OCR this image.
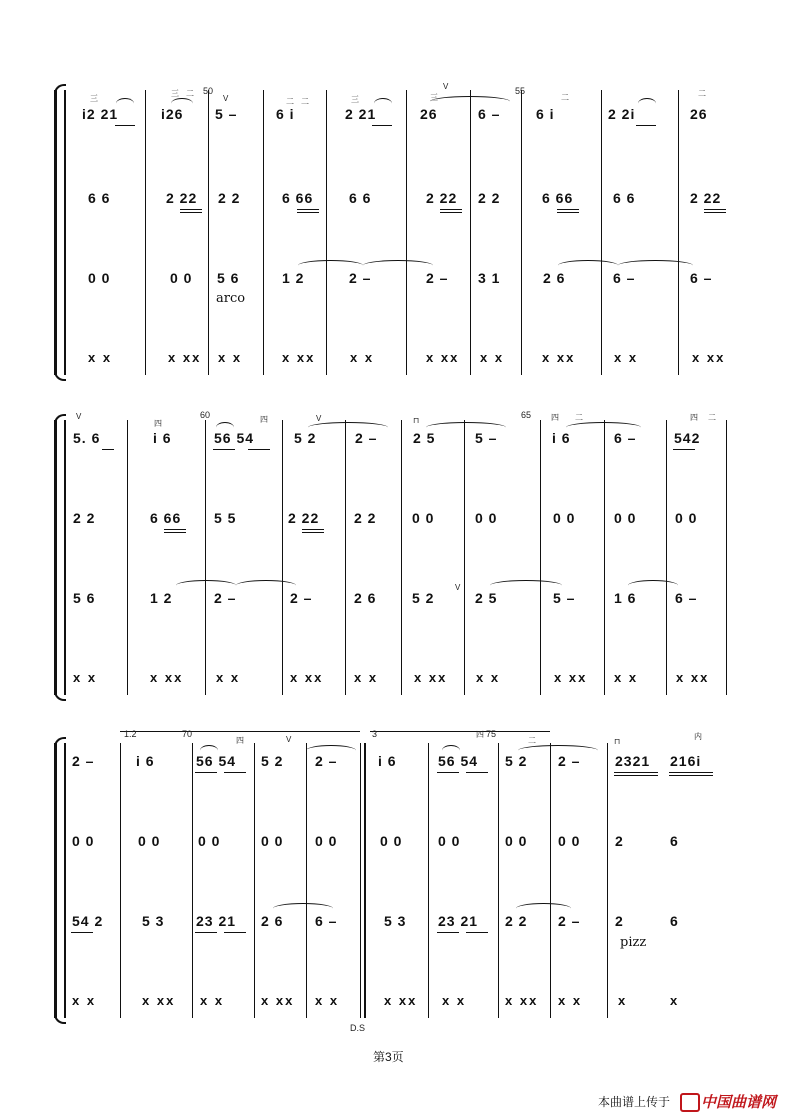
50	55
V
V
三
三 二
二 二	三	三	二	二
i2 21	i26 5 –	6 i	2 21	26	6 –	6 i	2 2i	26
6 6	2 22 2 2	6 66	6 6	2 22 2 2	6 66	6 6	2 22
0 0	0 0 5 6	1 2	2 –	2 – 3 1	2 6	6 –	6 –
arco
x x	x xx x x	x xx	x x	x xx x x	x xx	x x	x xx
60	65
V	V	⊓
四	四	四 二	四 二
5. 6	i 6	56 54	5 2	2 –	2 5	5 –	i 6	6 –	542
2 2	6 66 5 5	2 22 2 2	0 0	0 0	0 0	0 0	0 0
5 6	1 2	2 –	2 –	2 6	5 2	2 5	5 –	1 6	6 –
V
x x	x xx	x x	x xx x x	x xx x x	x xx x x	x xx
1.2	3
70	75
V	⊓
四
四
二	内
2 –	i 6	56 54 5 2 2 –	i 6	56 54 5 2 2 – 2321 216i
0 0	0 0	0 0	0 0 0 0	0 0	0 0	0 0 0 0 2	6
54 2	5 3 23 21 2 6 6 –	5 3 23 21 2 2 2 – 2	6
pizz
x x	x xx x x	x xx x x	x xx x x	x xx x x	x	x
D.S
第3页
本曲谱上传于 中国曲谱网
